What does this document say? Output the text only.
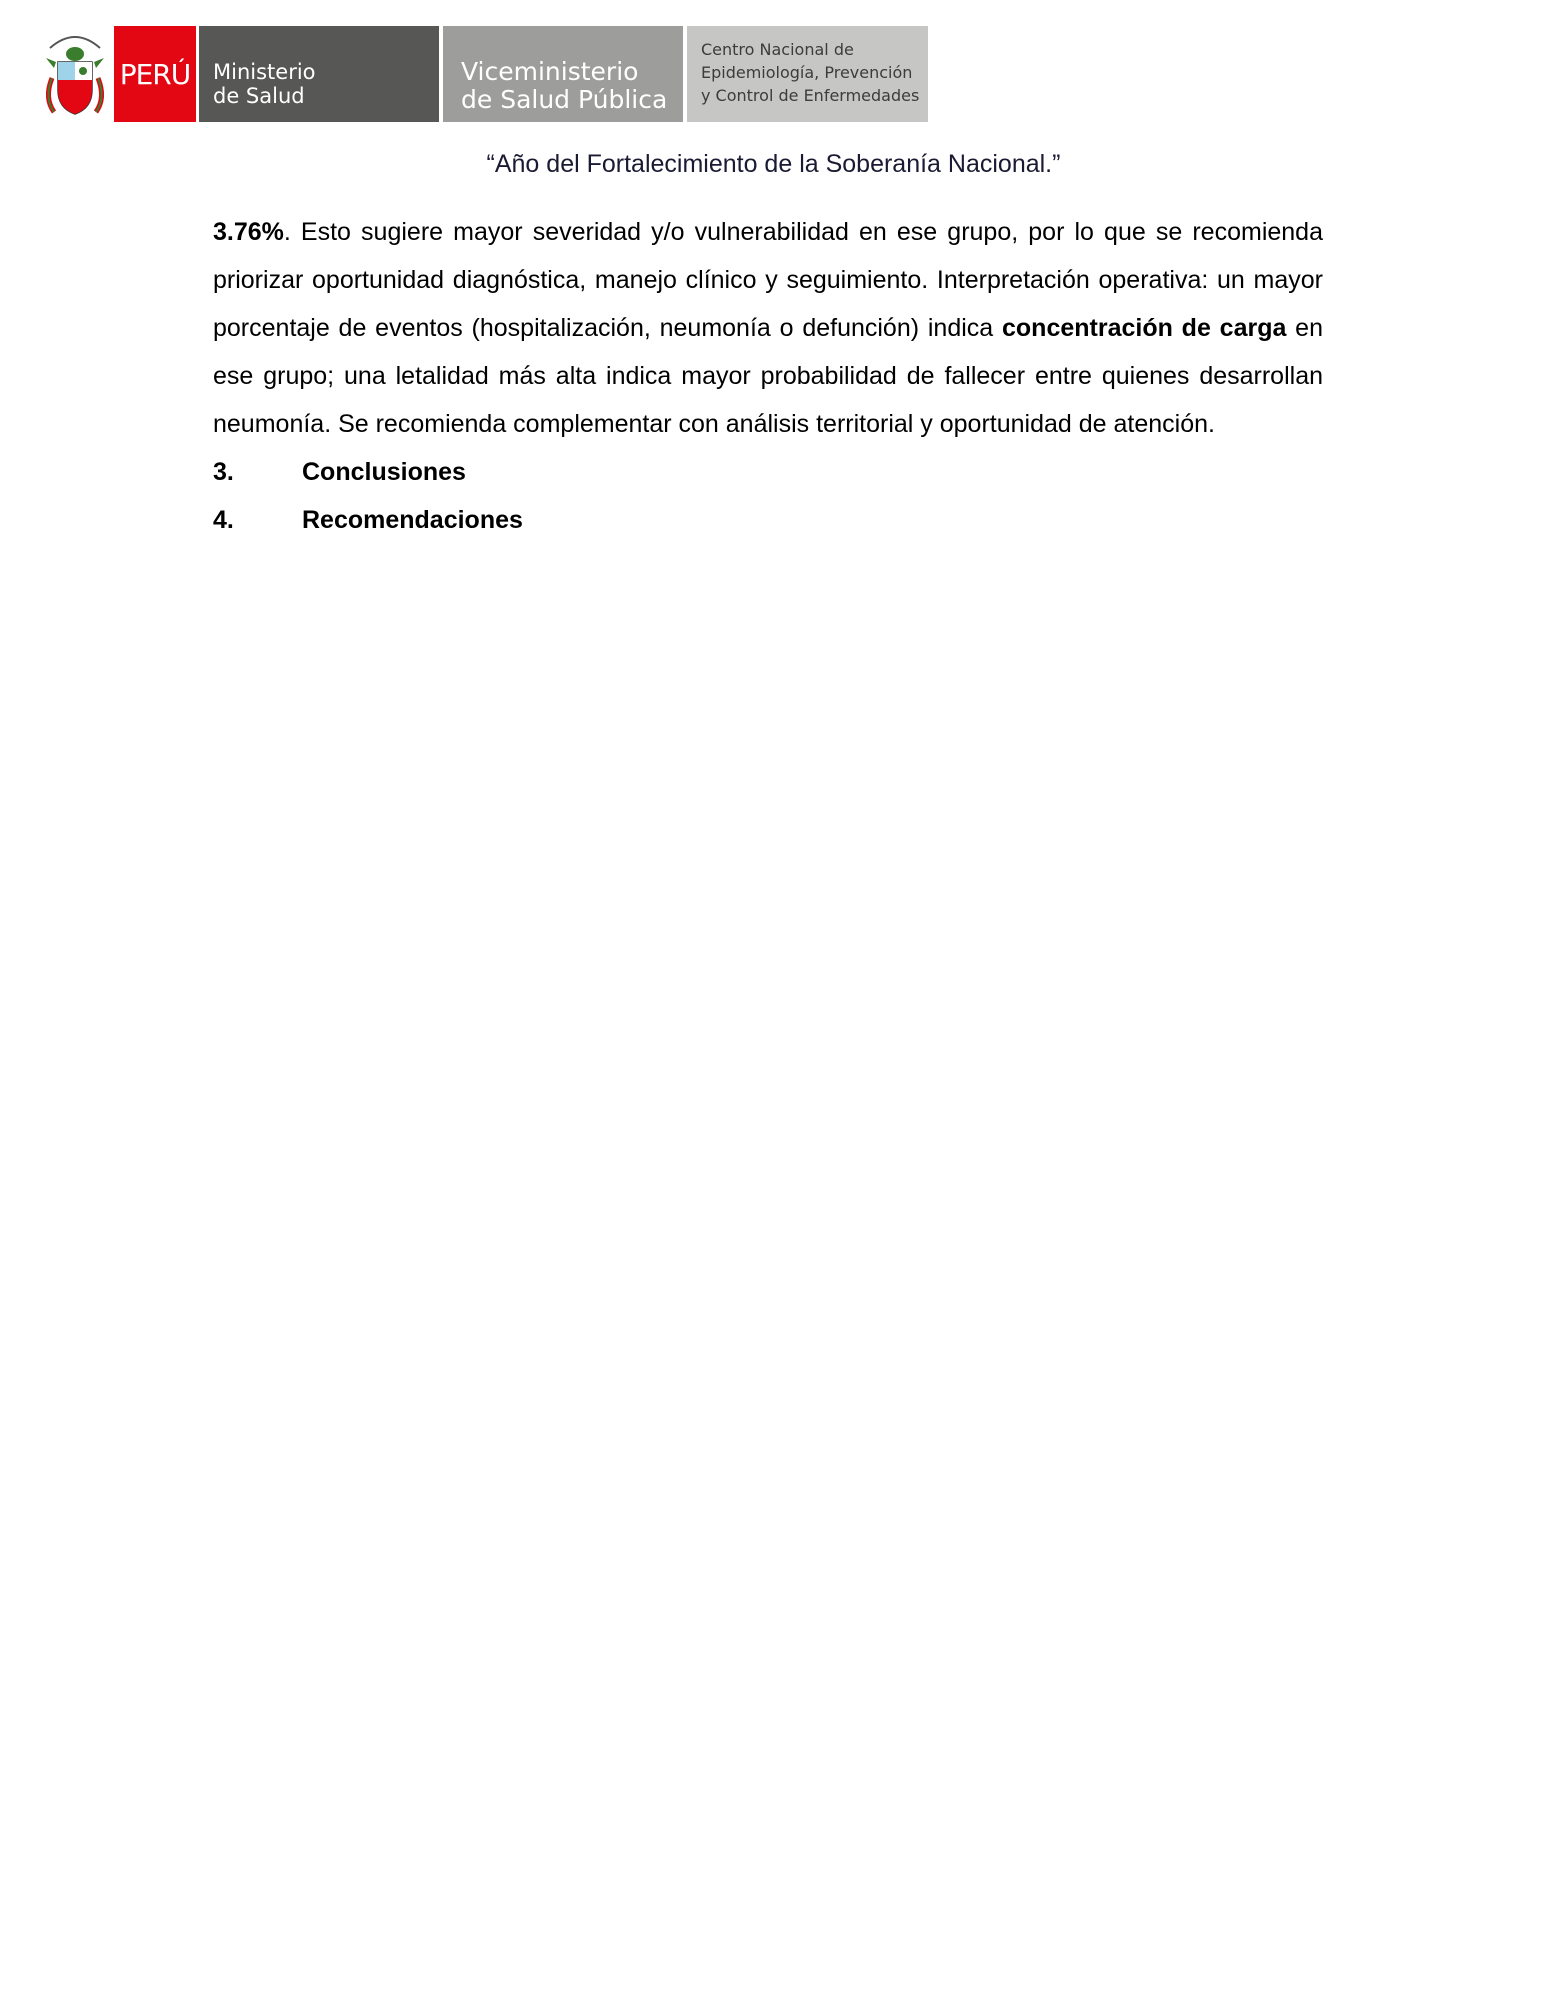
PERÚ Ministerio
de Salud
Viceministerio
de Salud Pública
Centro Nacional de
Epidemiología, Prevención
y Control de Enfermedades
“Año del Fortalecimiento de la Soberanía Nacional.”

3.76%. Esto sugiere mayor severidad y/o vulnerabilidad en ese grupo, por lo que se recomienda priorizar oportunidad diagnóstica, manejo clínico y seguimiento. Interpretación operativa: un mayor porcentaje de eventos (hospitalización, neumonía o defunción) indica concentración de carga en ese grupo; una letalidad más alta indica mayor probabilidad de fallecer entre quienes desarrollan neumonía. Se recomienda complementar con análisis territorial y oportunidad de atención.

3.	Conclusiones

4.	Recomendaciones
